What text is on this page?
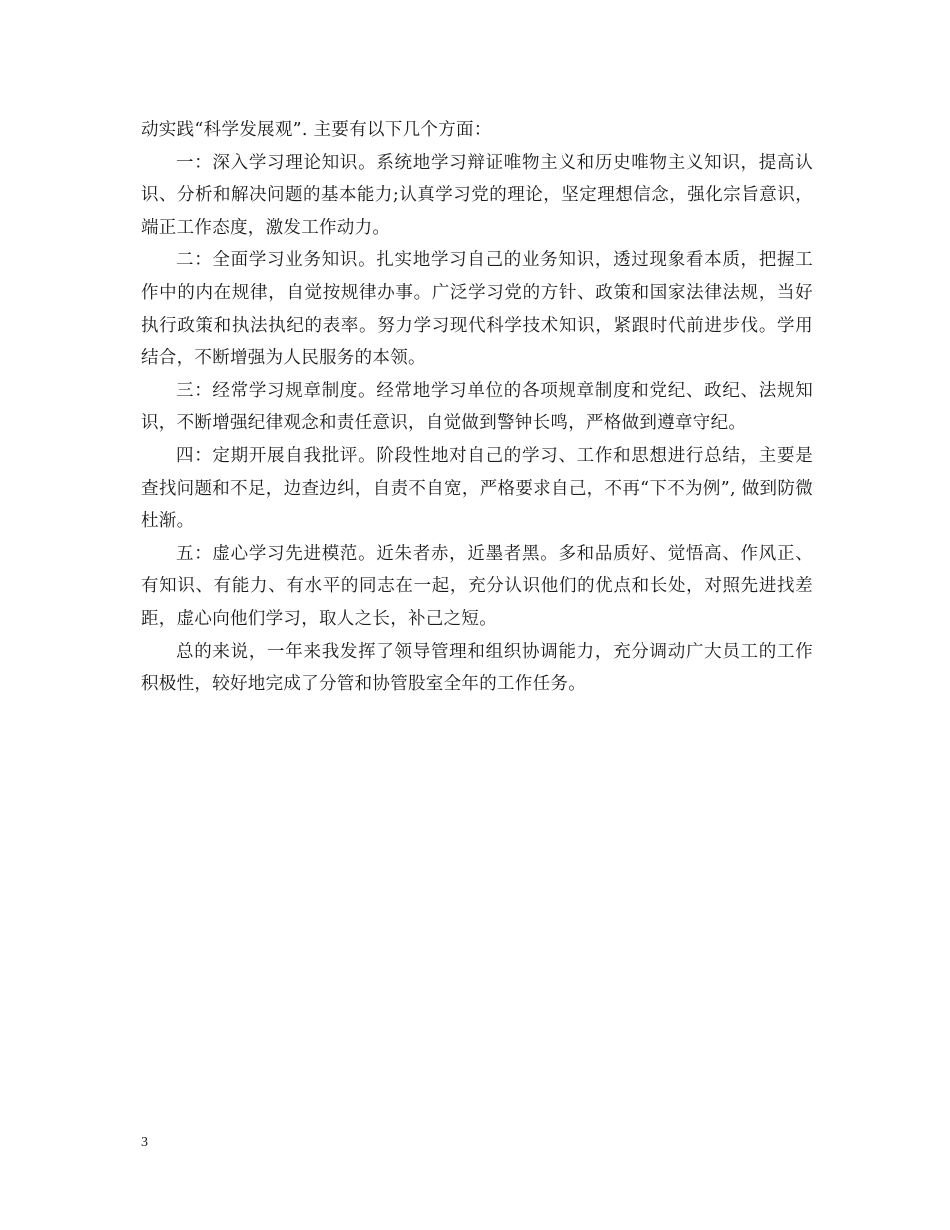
动实践“科学发展观”. 主要有以下几个方面：

一：深入学习理论知识。系统地学习辩证唯物主义和历史唯物主义知识，提高认识、分析和解决问题的基本能力;认真学习党的理论，坚定理想信念，强化宗旨意识，端正工作态度，激发工作动力。

二：全面学习业务知识。扎实地学习自己的业务知识，透过现象看本质，把握工作中的内在规律，自觉按规律办事。广泛学习党的方针、政策和国家法律法规，当好执行政策和执法执纪的表率。努力学习现代科学技术知识，紧跟时代前进步伐。学用结合，不断增强为人民服务的本领。

三：经常学习规章制度。经常地学习单位的各项规章制度和党纪、政纪、法规知识，不断增强纪律观念和责任意识，自觉做到警钟长鸣，严格做到遵章守纪。

四：定期开展自我批评。阶段性地对自己的学习、工作和思想进行总结，主要是查找问题和不足，边查边纠，自责不自宽，严格要求自己，不再“下不为例”, 做到防微杜渐。

五：虚心学习先进模范。近朱者赤，近墨者黑。多和品质好、觉悟高、作风正、有知识、有能力、有水平的同志在一起，充分认识他们的优点和长处，对照先进找差距，虚心向他们学习，取人之长，补己之短。

总的来说，一年来我发挥了领导管理和组织协调能力，充分调动广大员工的工作积极性，较好地完成了分管和协管股室全年的工作任务。

3
